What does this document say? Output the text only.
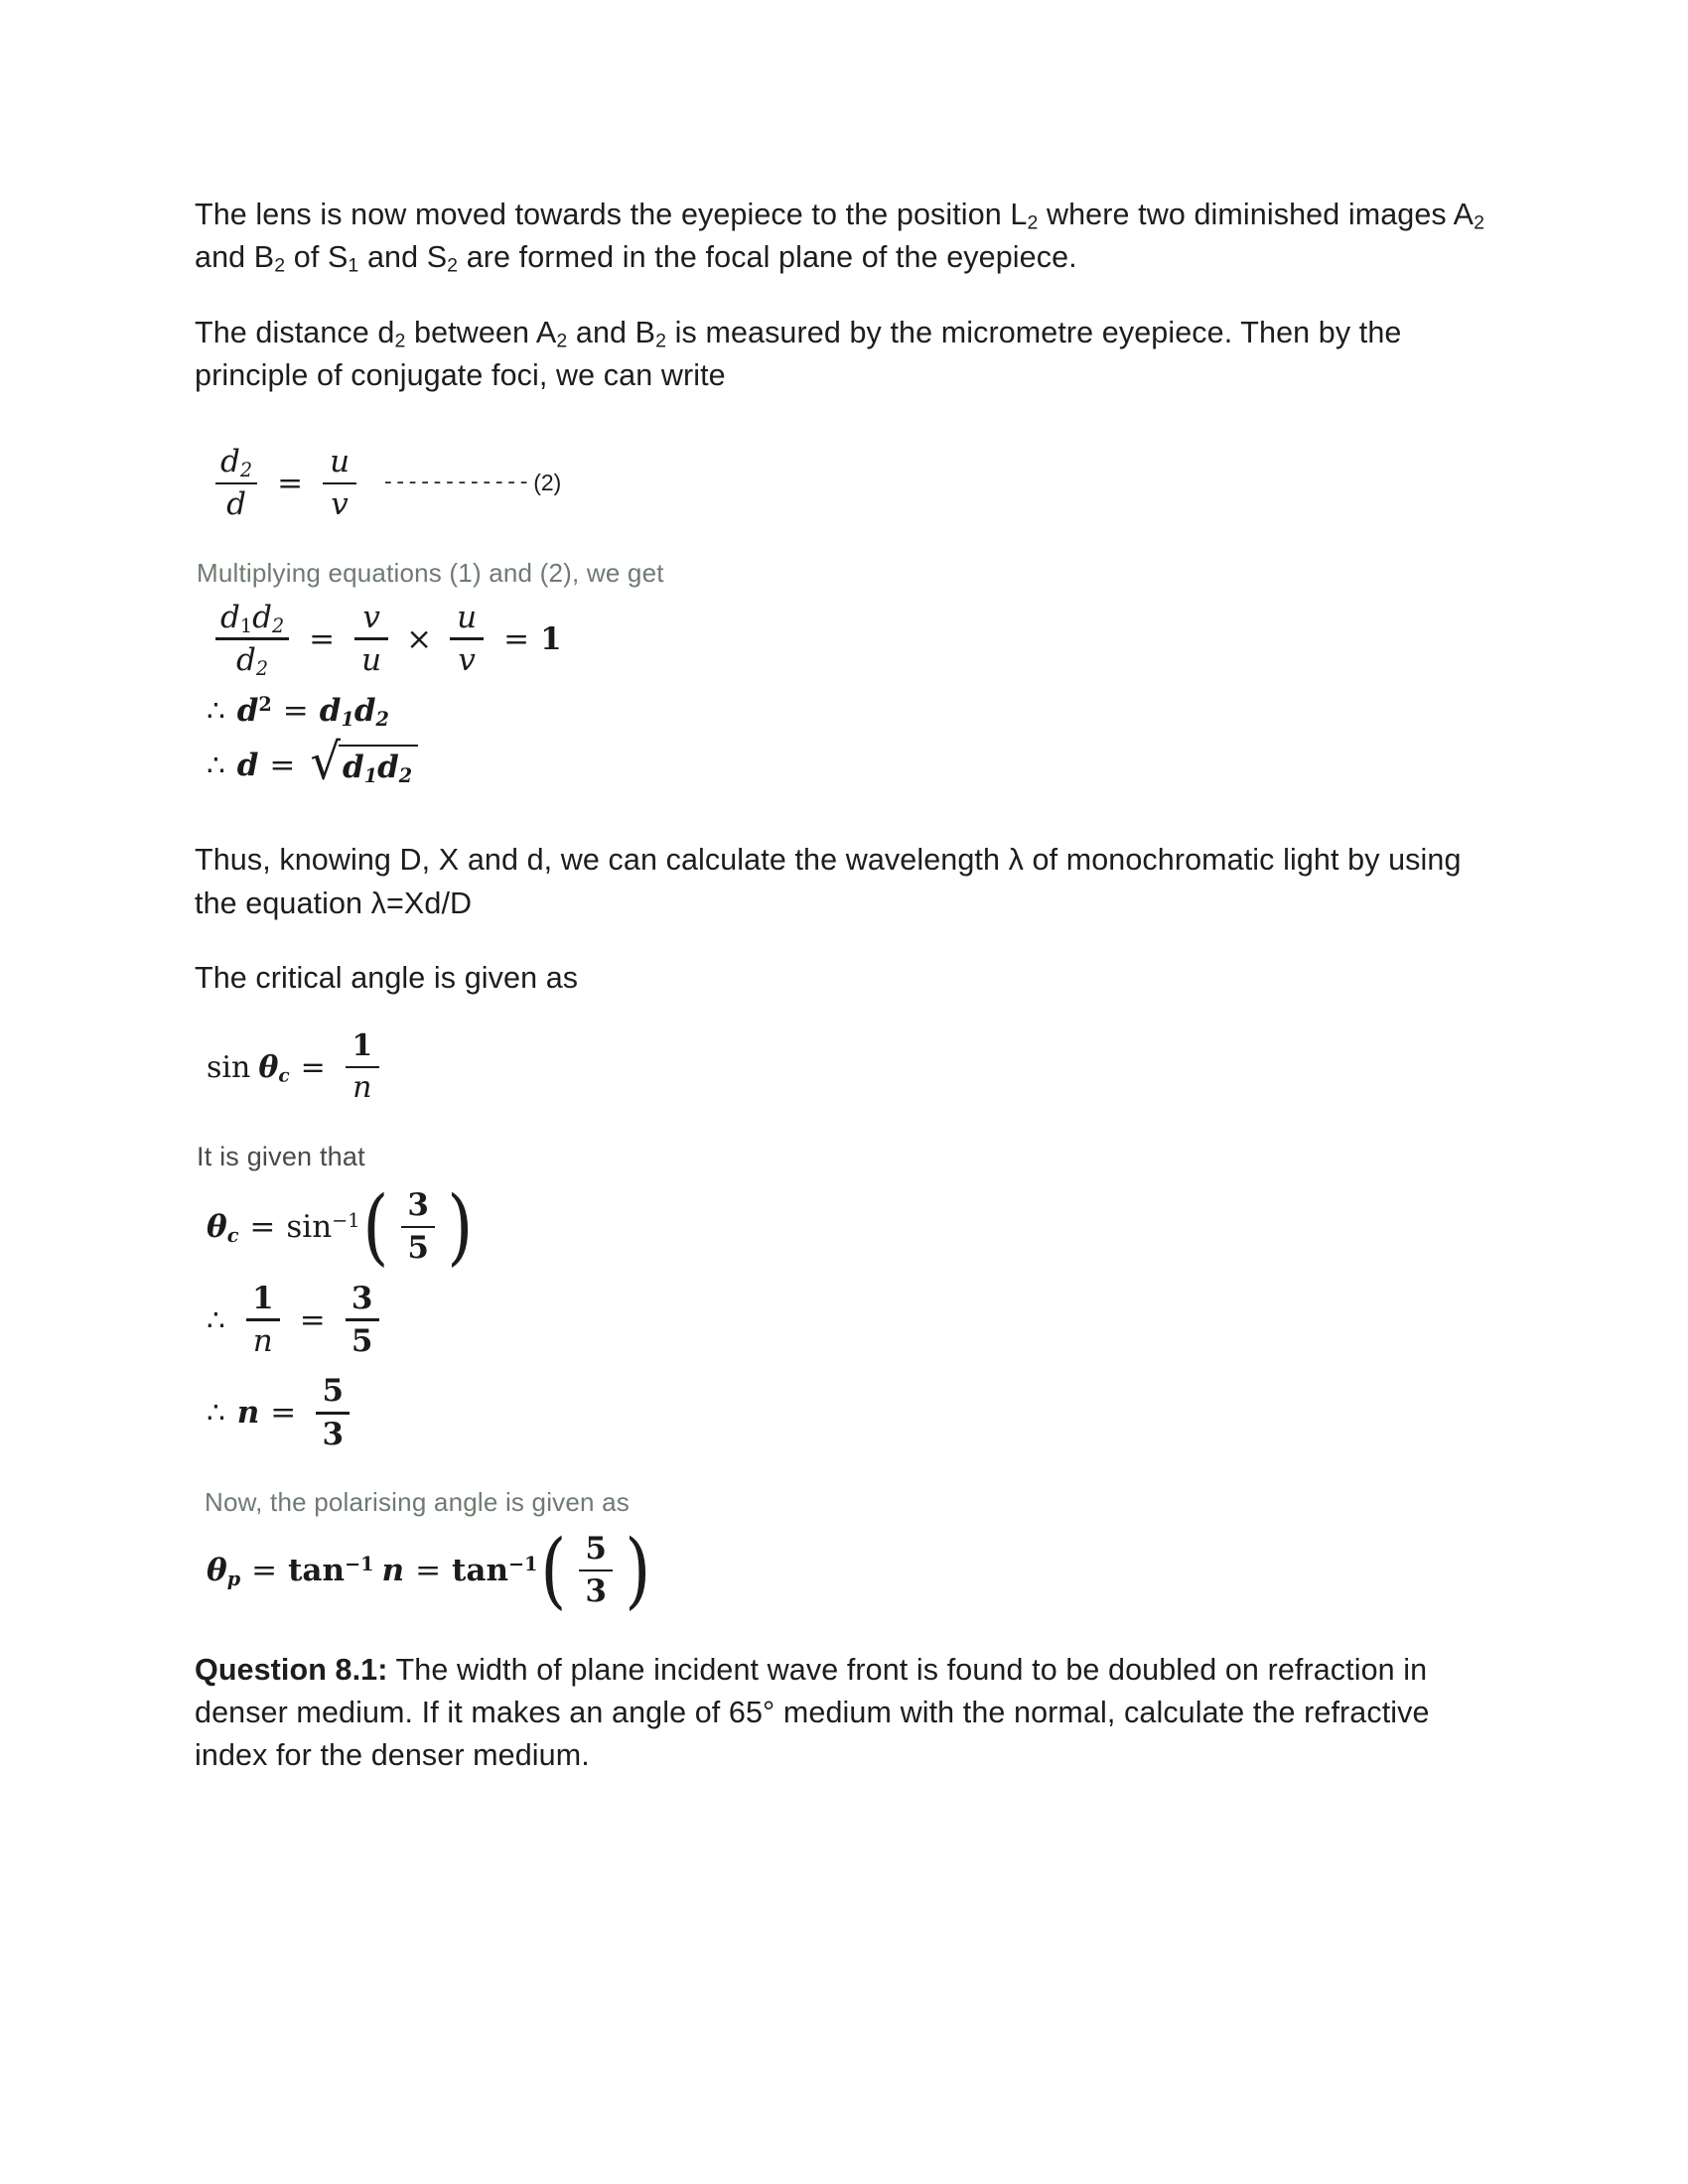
The lens is now moved towards the eyepiece to the position $L_2$ where two diminished images $A_2$ and $B_2$ of $S_1$ and $S_2$ are formed in the focal plane of the eyepiece.

The distance $d_2$ between $A_2$ and $B_2$ is measured by the micrometre eyepiece. Then by the principle of conjugate foci, we can write

$\frac{d_2}{d} = \frac{u}{v}$ ------------ (2)

Multiplying equations (1) and (2), we get

$\frac{d_1d_2}{d_2} = \frac{v}{u} \times \frac{u}{v} = 1$
∴ $d^2 = d_1d_2$
∴ d = √ $d_1d_2$

Thus, knowing D, X and d, we can calculate the wavelength λ of monochromatic light by using the equation λ=Xd/D

The critical angle is given as

$\sin \theta_c = \frac{1}{n}$

It is given that

$\theta_c = \sin^{-1}$ ( $\frac{3}{5}$ )
∴ $\frac{1}{n} = \frac{3}{5}$
∴ $n = \frac{5}{3}$

Now, the polarising angle is given as

$\theta_p = \tan^{-1} n = \tan^{-1}$ ( $\frac{5}{3}$ )

Question 8.1: The width of plane incident wave front is found to be doubled on refraction in denser medium. If it makes an angle of 65° medium with the normal, calculate the refractive index for the denser medium.
